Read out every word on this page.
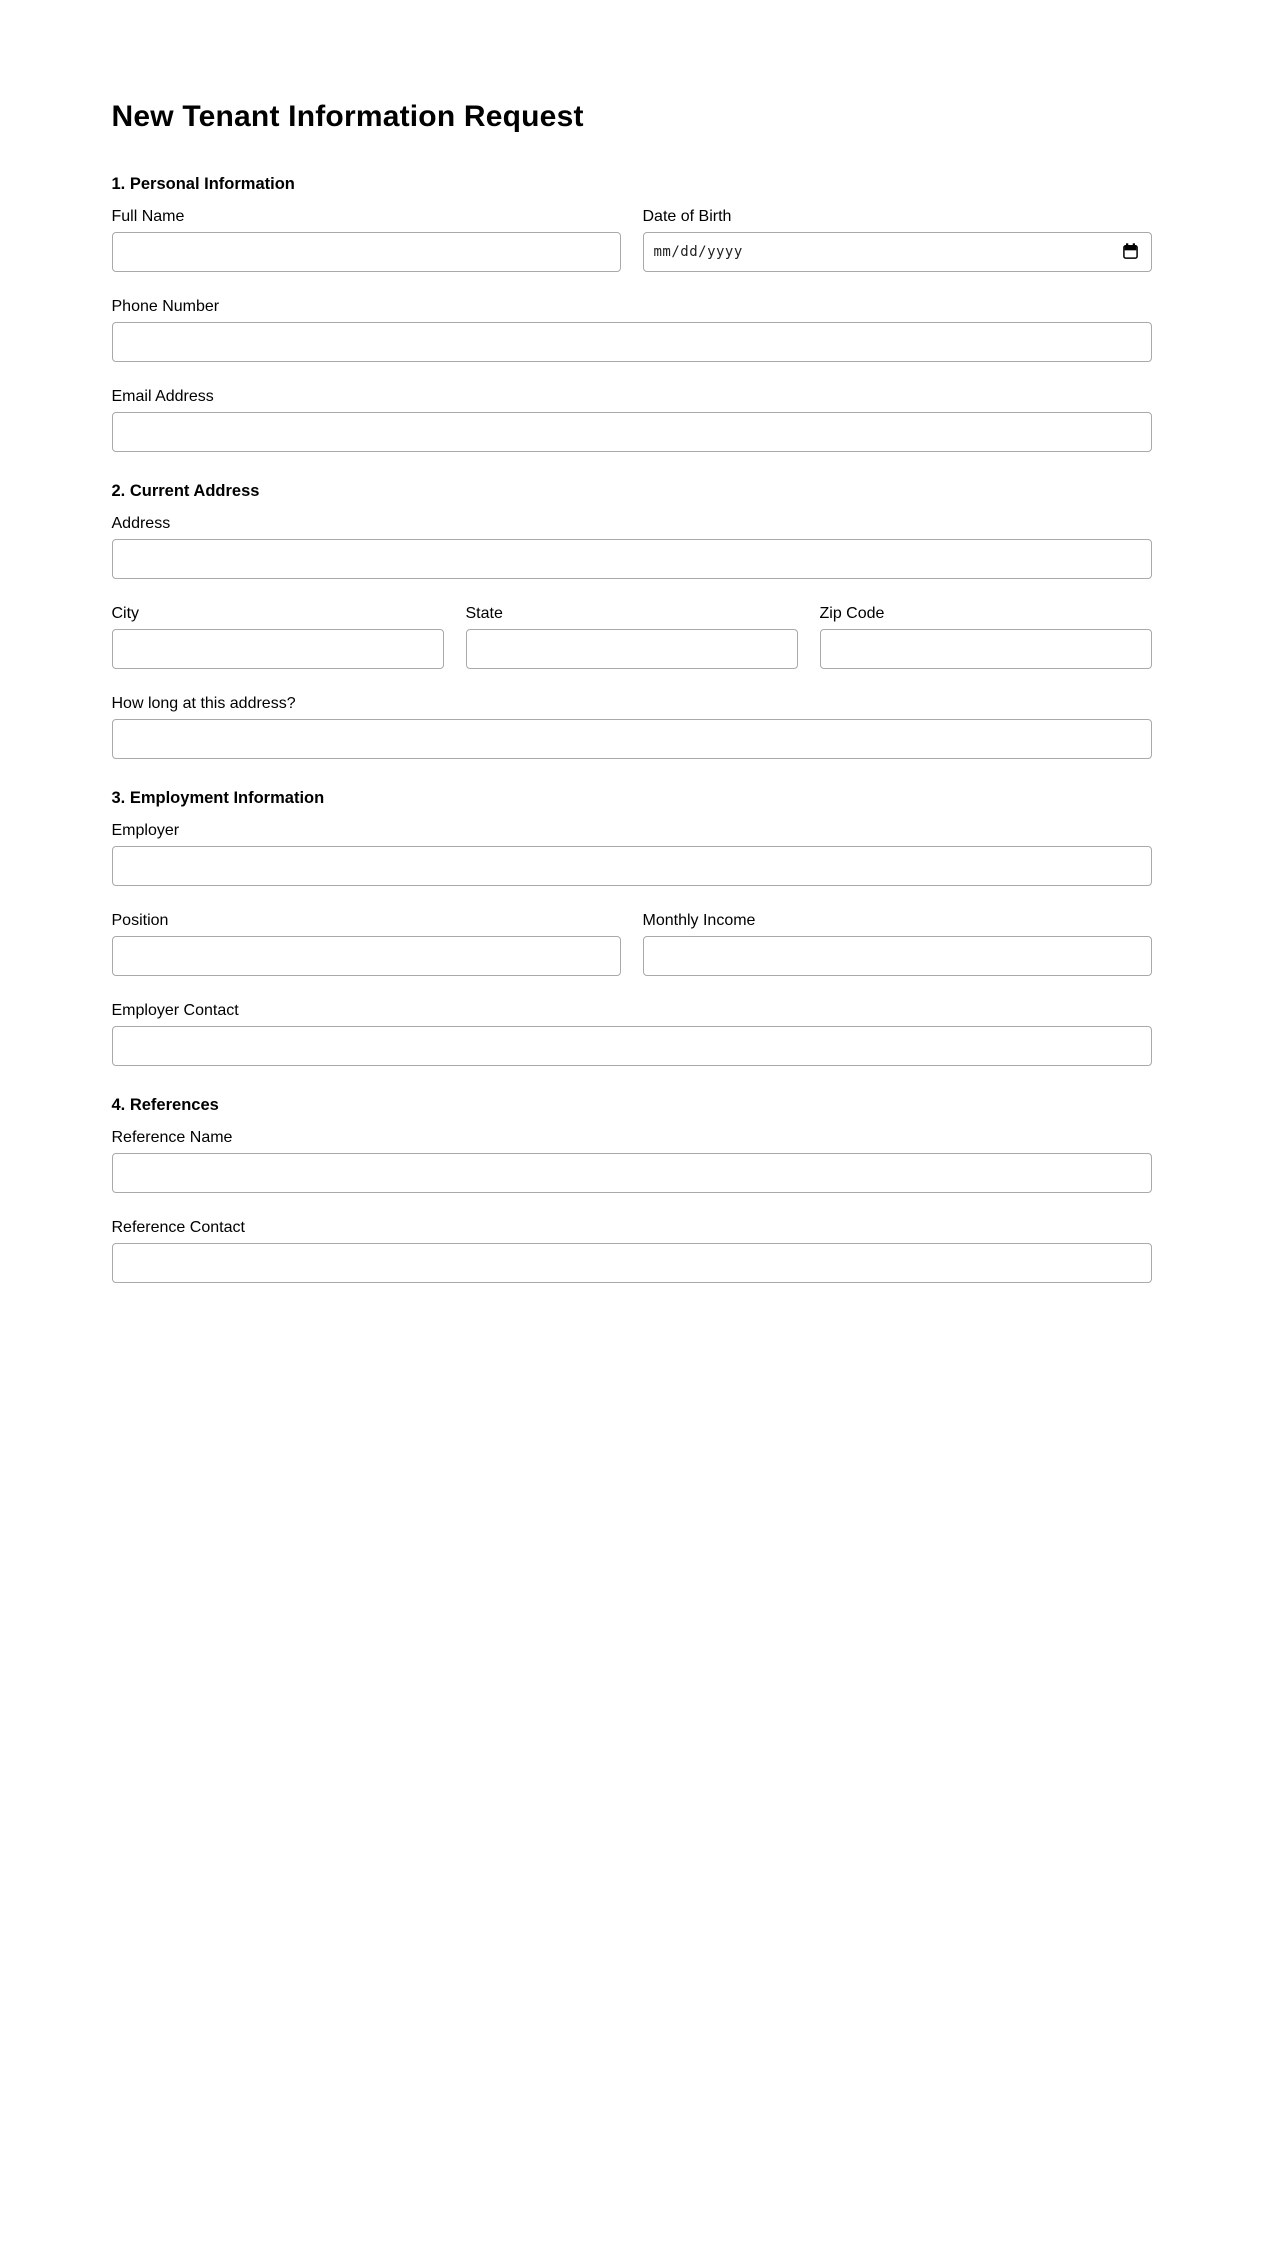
New Tenant Information Request
1. Personal Information
Full Name	Date of Birth
mm/dd/yyyy
Phone Number
Email Address
2. Current Address
Address
City	State	Zip Code
How long at this address?
3. Employment Information
Employer
Position	Monthly Income
Employer Contact
4. References
Reference Name
Reference Contact
